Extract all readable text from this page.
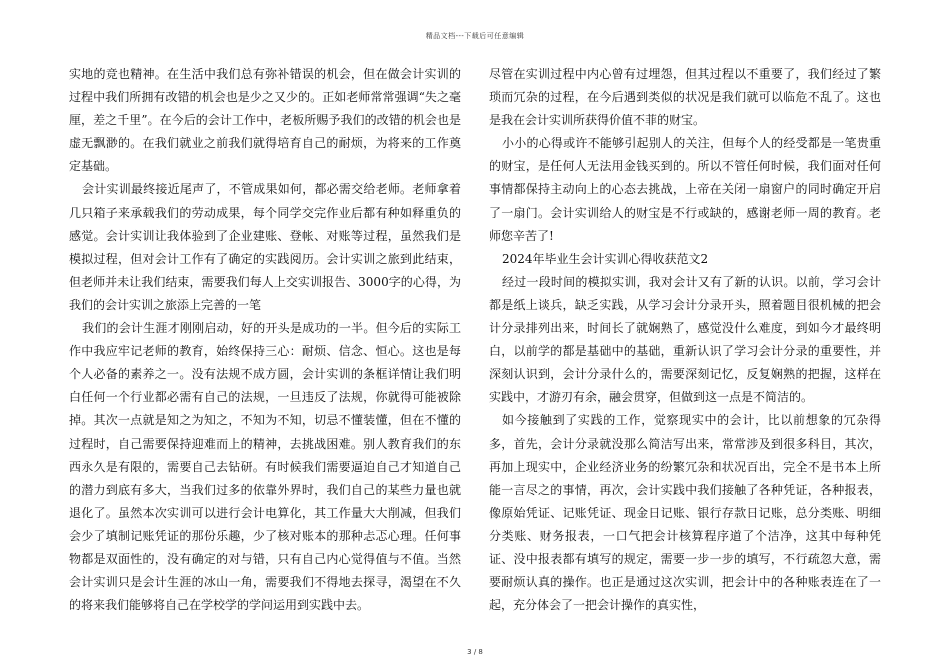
精品文档---下载后可任意编辑

实地的竞也精神。在生活中我们总有弥补错误的机会，但在做会计实训的过程中我们所拥有改错的机会也是少之又少的。正如老师常常强调“失之毫厘，差之千里”。在今后的会计工作中，老板所赐予我们的改错的机会也是虚无飘渺的。在我们就业之前我们就得培育自己的耐烦，为将来的工作奠定基础。

会计实训最终接近尾声了，不管成果如何，都必需交给老师。老师拿着几只箱子来承载我们的劳动成果，每个同学交完作业后都有种如释重负的感觉。会计实训让我体验到了企业建账、登帐、对账等过程，虽然我们是模拟过程，但对会计工作有了确定的实践阅历。会计实训之旅到此结束，但老师并未让我们结束，需要我们每人上交实训报告、3000字的心得，为我们的会计实训之旅添上完善的一笔

我们的会计生涯才刚刚启动，好的开头是成功的一半。但今后的实际工作中我应牢记老师的教育，始终保持三心：耐烦、信念、恒心。这也是每个人必备的素养之一。没有法规不成方圆，会计实训的条框详情让我们明白任何一个行业都必需有自己的法规，一旦违反了法规，你就得可能被除掉。其次一点就是知之为知之，不知为不知，切忌不懂装懂，但在不懂的过程时，自己需要保持迎难而上的精神，去挑战困难。别人教育我们的东西永久是有限的，需要自己去钻研。有时候我们需要逼迫自己才知道自己的潜力到底有多大，当我们过多的依靠外界时，我们自己的某些力量也就退化了。虽然本次实训可以进行会计电算化，其工作量大大削减，但我们会少了填制记账凭证的那份乐趣，少了核对账本的那种忐忑心理。任何事物都是双面性的，没有确定的对与错，只有自己内心觉得值与不值。当然会计实训只是会计生涯的冰山一角，需要我们不得地去探寻，渴望在不久的将来我们能够将自己在学校学的学问运用到实践中去。

尽管在实训过程中内心曾有过埋怨，但其过程以不重要了，我们经过了繁琐而冗杂的过程，在今后遇到类似的状况是我们就可以临危不乱了。这也是我在会计实训所获得价值不菲的财宝。

小小的心得或许不能够引起别人的关注，但每个人的经受都是一笔贵重的财宝，是任何人无法用金钱买到的。所以不管任何时候，我们面对任何事情都保持主动向上的心态去挑战，上帝在关闭一扇窗户的同时确定开启了一扇门。会计实训给人的财宝是不行或缺的，感谢老师一周的教育。老师您辛苦了!

2024年毕业生会计实训心得收获范文2

经过一段时间的模拟实训，我对会计又有了新的认识。以前，学习会计都是纸上谈兵，缺乏实践，从学习会计分录开头，照着题目很机械的把会计分录排列出来，时间长了就娴熟了，感觉没什么难度，到如今才最终明白，以前学的都是基础中的基础，重新认识了学习会计分录的重要性，并深刻认识到，会计分录什么的，需要深刻记忆，反复娴熟的把握，这样在实践中，才游刃有余，融会贯穿，但做到这一点是不简洁的。

如今接触到了实践的工作，觉察现实中的会计，比以前想象的冗杂得多，首先，会计分录就没那么简洁写出来，常常涉及到很多科目，其次，再加上现实中，企业经济业务的纷繁冗杂和状况百出，完全不是书本上所能一言尽之的事情，再次，会计实践中我们接触了各种凭证，各种报表，像原始凭证、记账凭证、现金日记账、银行存款日记账，总分类账、明细分类账、财务报表，一口气把会计核算程序道了个洁净，这其中每种凭证、没中报表都有填写的规定，需要一步一步的填写，不行疏忽大意，需要耐烦认真的操作。也正是通过这次实训，把会计中的各种账表连在了一起，充分体会了一把会计操作的真实性，

3 / 8
